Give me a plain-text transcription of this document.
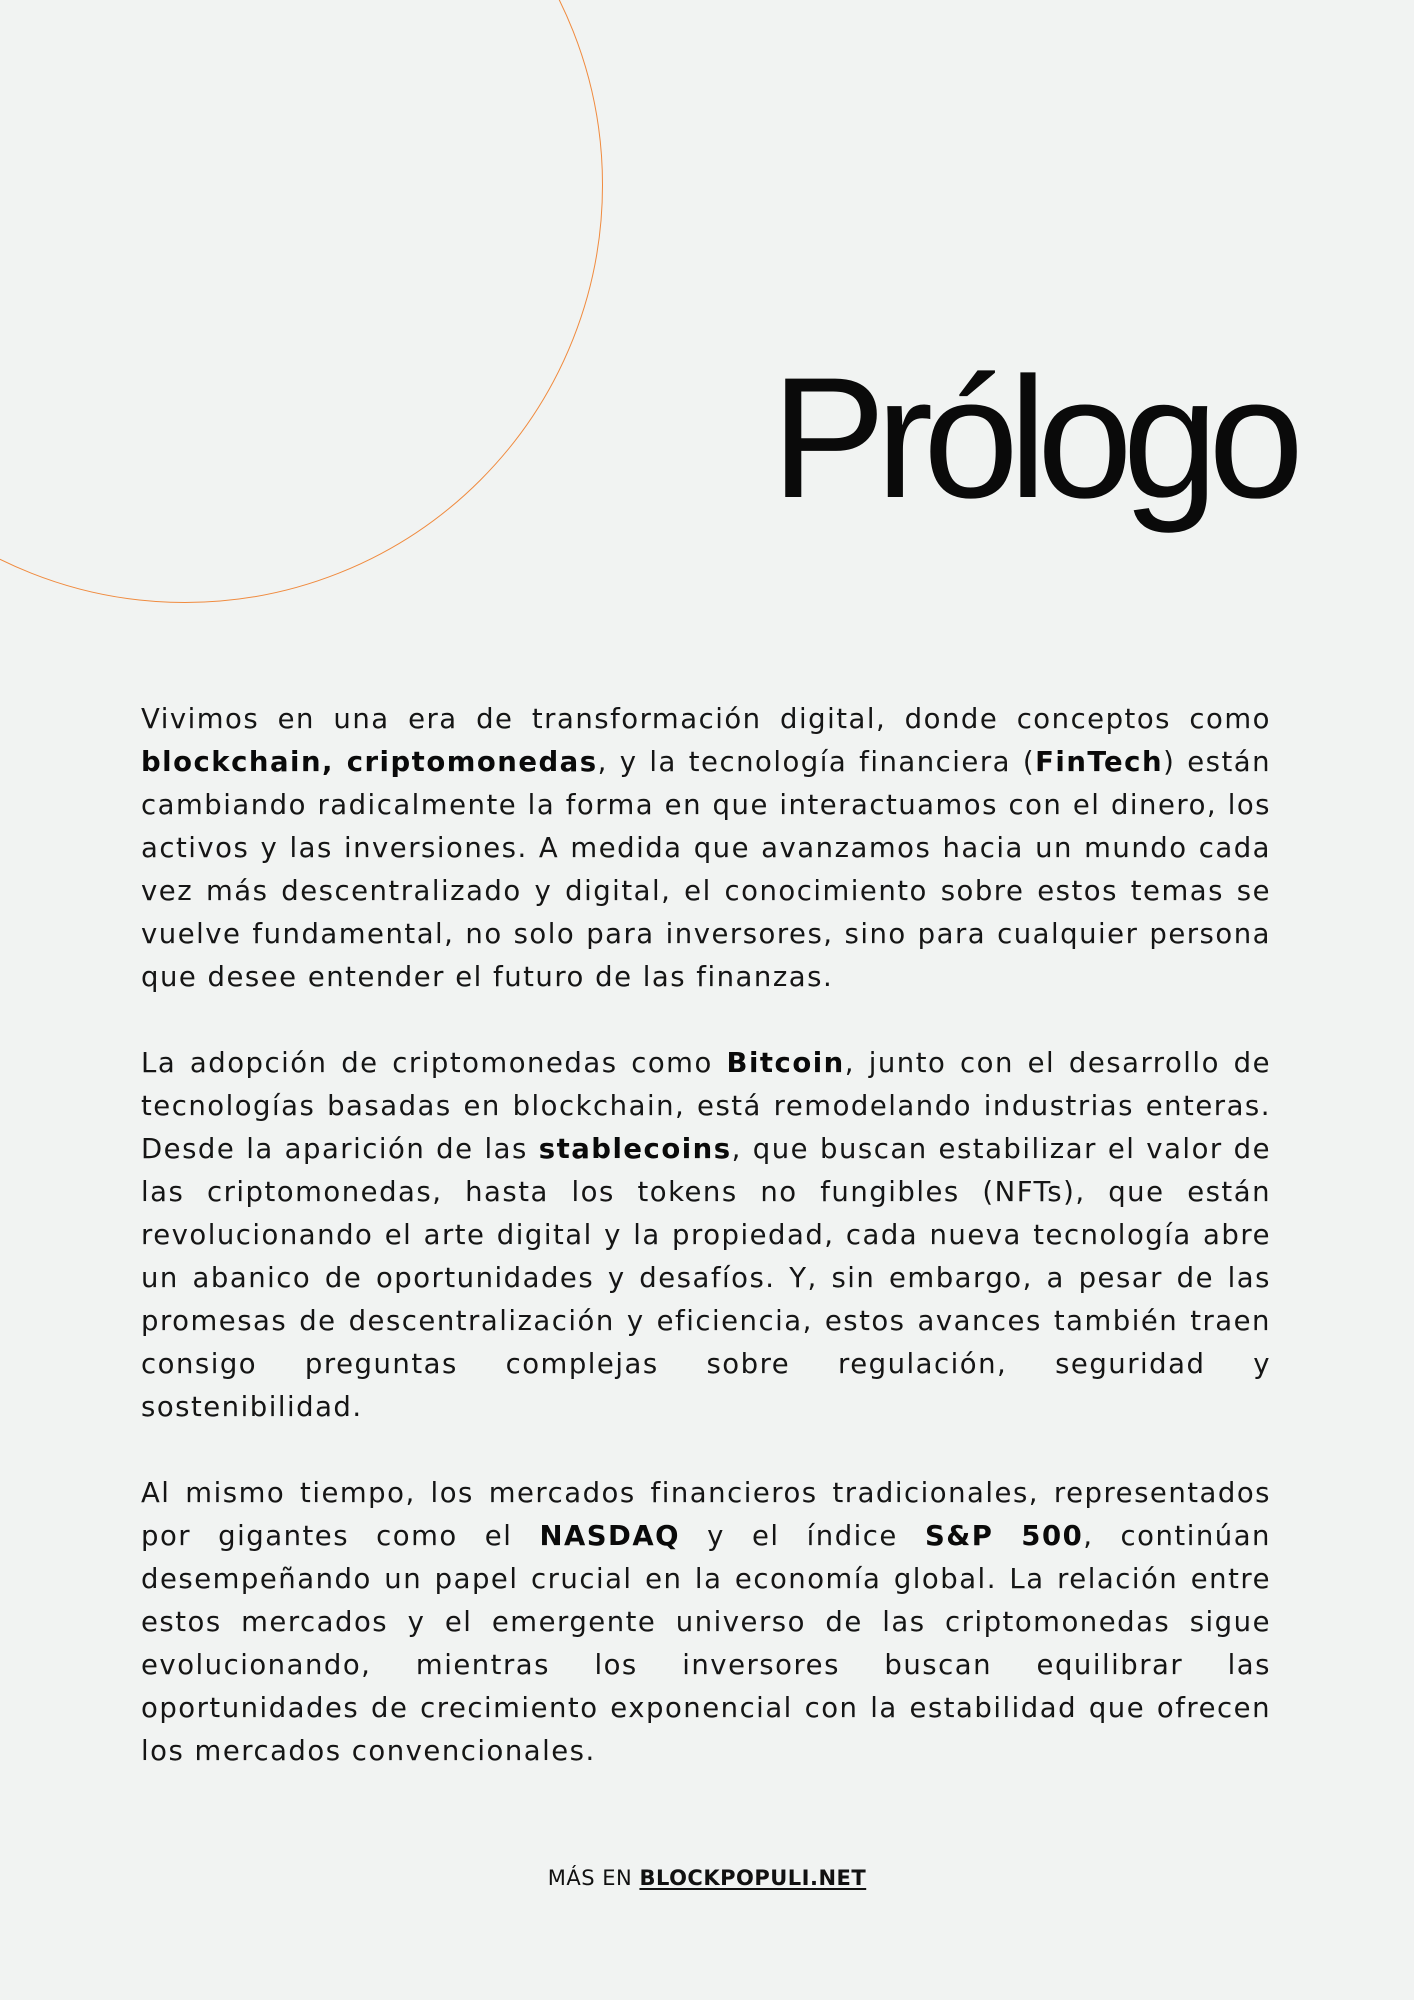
Prólogo

Vivimos en una era de transformación digital, donde conceptos como blockchain, criptomonedas, y la tecnología financiera (FinTech) están cambiando radicalmente la forma en que interactuamos con el dinero, los activos y las inversiones. A medida que avanzamos hacia un mundo cada vez más descentralizado y digital, el conocimiento sobre estos temas se vuelve fundamental, no solo para inversores, sino para cualquier persona que desee entender el futuro de las finanzas.

La adopción de criptomonedas como Bitcoin, junto con el desarrollo de tecnologías basadas en blockchain, está remodelando industrias enteras. Desde la aparición de las stablecoins, que buscan estabilizar el valor de las criptomonedas, hasta los tokens no fungibles (NFTs), que están revolucionando el arte digital y la propiedad, cada nueva tecnología abre un abanico de oportunidades y desafíos. Y, sin embargo, a pesar de las promesas de descentralización y eficiencia, estos avances también traen consigo preguntas complejas sobre regulación, seguridad y sostenibilidad.

Al mismo tiempo, los mercados financieros tradicionales, representados por gigantes como el NASDAQ y el índice S&P 500, continúan desempeñando un papel crucial en la economía global. La relación entre estos mercados y el emergente universo de las criptomonedas sigue evolucionando, mientras los inversores buscan equilibrar las oportunidades de crecimiento exponencial con la estabilidad que ofrecen los mercados convencionales.

MÁS EN BLOCKPOPULI.NET
